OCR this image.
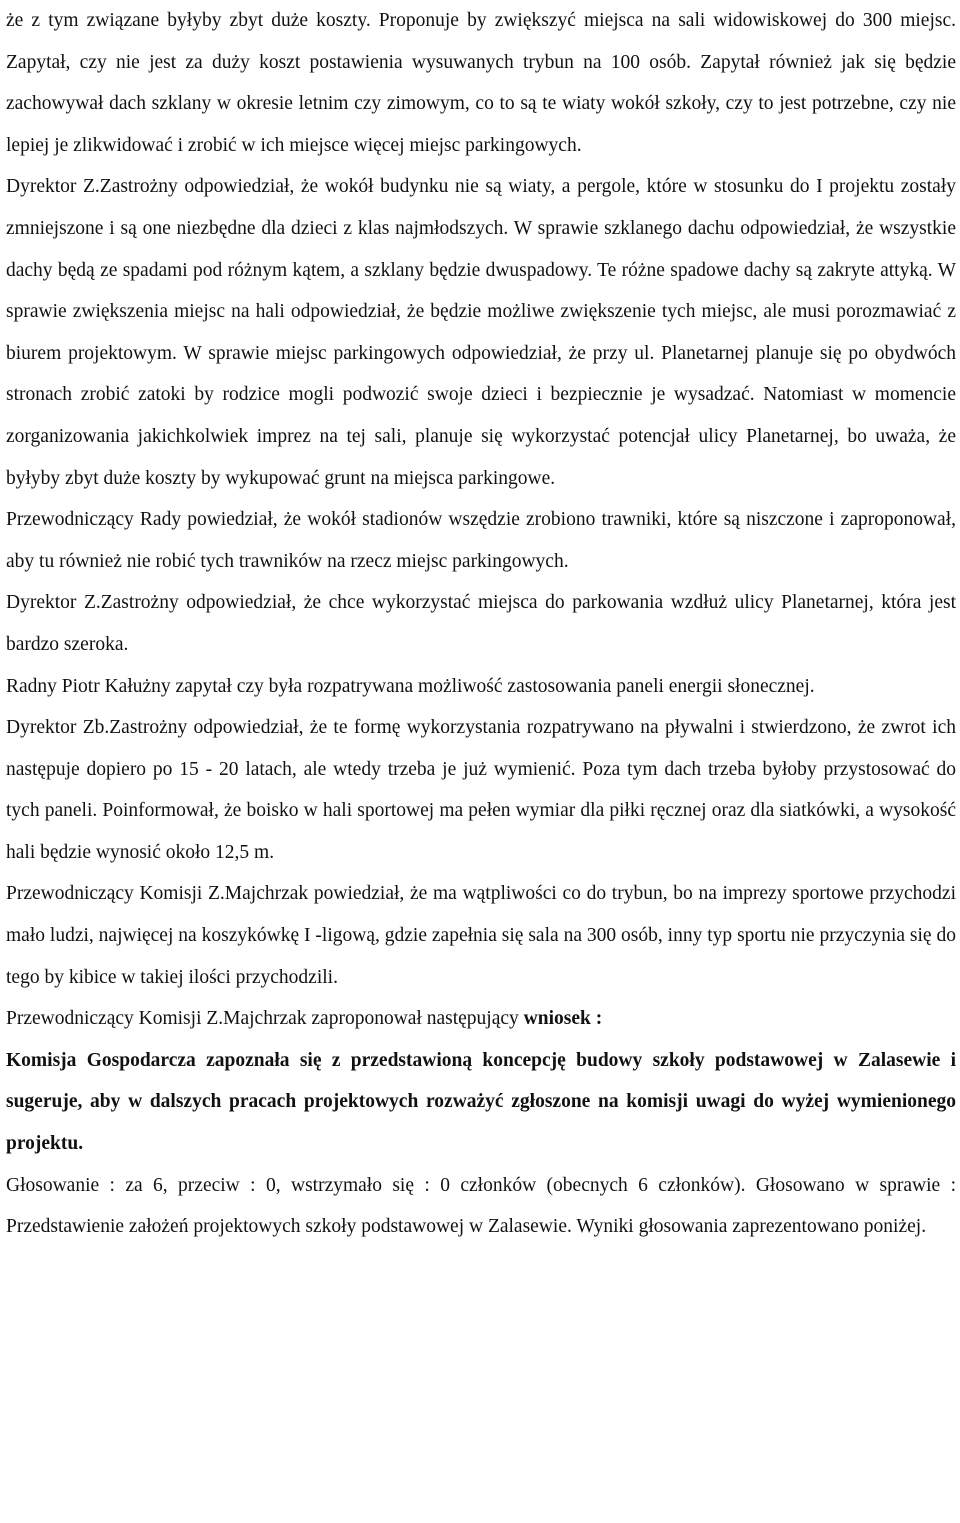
że z tym związane byłyby zbyt duże koszty. Proponuje by zwiększyć miejsca na sali widowiskowej do 300 miejsc. Zapytał, czy nie jest za duży koszt postawienia wysuwanych trybun na 100 osób. Zapytał również jak się będzie zachowywał dach szklany w okresie letnim czy zimowym, co to są te wiaty wokół szkoły, czy to jest potrzebne, czy nie lepiej je zlikwidować i zrobić w ich miejsce więcej miejsc parkingowych.

Dyrektor Z.Zastrożny odpowiedział, że wokół budynku nie są wiaty, a pergole, które w stosunku do I projektu zostały zmniejszone i są one niezbędne dla dzieci z klas najmłodszych. W sprawie szklanego dachu odpowiedział, że wszystkie dachy będą ze spadami pod różnym kątem, a szklany będzie dwuspadowy. Te różne spadowe dachy są zakryte attyką. W sprawie zwiększenia miejsc na hali odpowiedział, że będzie możliwe zwiększenie tych miejsc, ale musi porozmawiać z biurem projektowym. W sprawie miejsc parkingowych odpowiedział, że przy ul. Planetarnej planuje się po obydwóch stronach zrobić zatoki by rodzice mogli podwozić swoje dzieci i bezpiecznie je wysadzać. Natomiast w momencie zorganizowania jakichkolwiek imprez na tej sali, planuje się wykorzystać potencjał ulicy Planetarnej, bo uważa, że byłyby zbyt duże koszty by wykupować grunt na miejsca parkingowe.

Przewodniczący Rady powiedział, że wokół stadionów wszędzie zrobiono trawniki, które są niszczone i zaproponował, aby tu również nie robić tych trawników na rzecz miejsc parkingowych.

Dyrektor Z.Zastrożny odpowiedział, że chce wykorzystać miejsca do parkowania wzdłuż ulicy Planetarnej, która jest bardzo szeroka.

Radny Piotr Kałużny zapytał czy była rozpatrywana możliwość zastosowania paneli energii słonecznej.

Dyrektor Zb.Zastrożny odpowiedział, że te formę wykorzystania rozpatrywano na pływalni i stwierdzono, że zwrot ich następuje dopiero po 15 - 20 latach, ale wtedy trzeba je już wymienić. Poza tym dach trzeba byłoby przystosować do tych paneli. Poinformował, że boisko w hali sportowej ma pełen wymiar dla piłki ręcznej oraz dla siatkówki, a wysokość hali będzie wynosić około 12,5 m.

Przewodniczący Komisji Z.Majchrzak powiedział, że ma wątpliwości co do trybun, bo na imprezy sportowe przychodzi mało ludzi, najwięcej na koszykówkę I -ligową, gdzie zapełnia się sala na 300 osób, inny typ sportu nie przyczynia się do tego by kibice w takiej ilości przychodzili.

Przewodniczący Komisji Z.Majchrzak zaproponował następujący wniosek :

Komisja Gospodarcza zapoznała się z przedstawioną koncepcję budowy szkoły podstawowej w Zalasewie i sugeruje, aby w dalszych pracach projektowych rozważyć zgłoszone na komisji uwagi do wyżej wymienionego projektu.

Głosowanie : za 6, przeciw : 0, wstrzymało się : 0 członków (obecnych 6 członków). Głosowano w sprawie : Przedstawienie założeń projektowych szkoły podstawowej w Zalasewie. Wyniki głosowania zaprezentowano poniżej.
